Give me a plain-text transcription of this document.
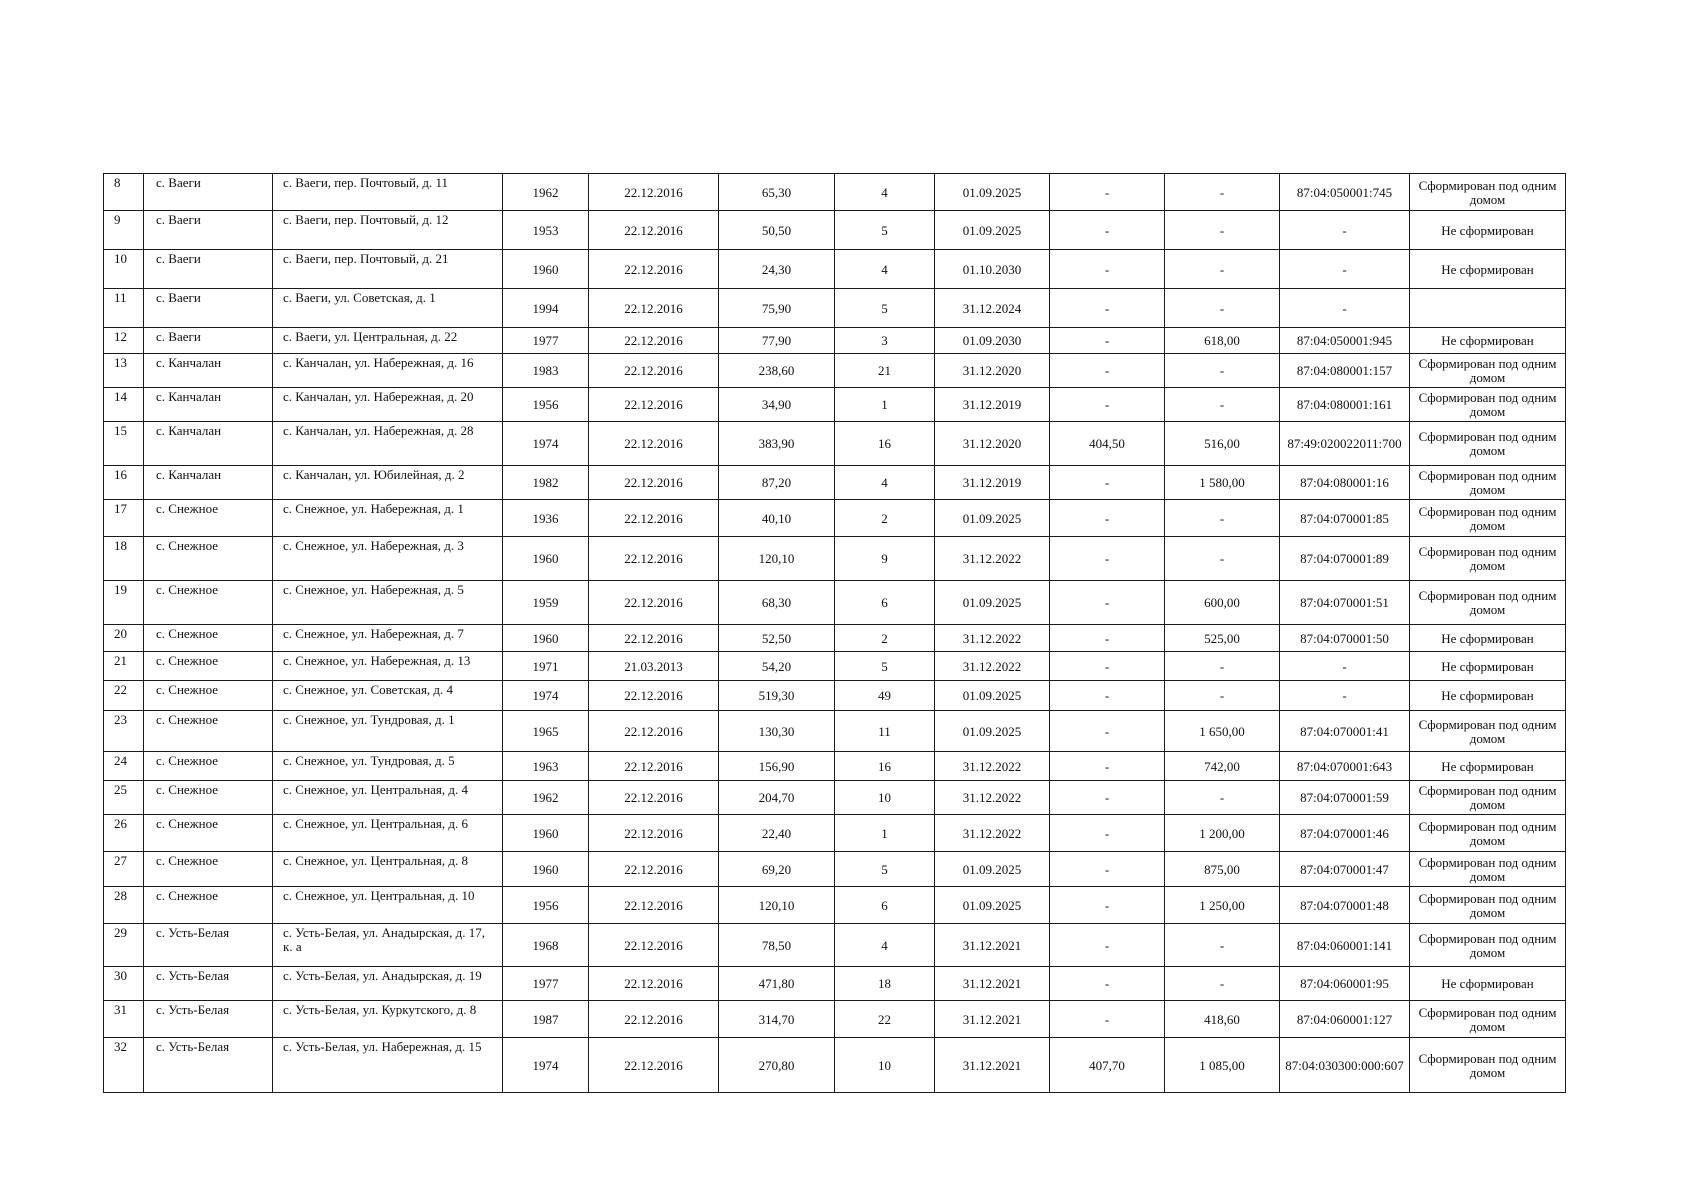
8	с. Ваеги	с. Ваеги, пер. Почтовый, д. 11	1962	22.12.2016	65,30	4	01.09.2025	-	-	87:04:050001:745	Сформирован под одним домом
9	с. Ваеги	с. Ваеги, пер. Почтовый, д. 12	1953	22.12.2016	50,50	5	01.09.2025	-	-	-	Не сформирован
10	с. Ваеги	с. Ваеги, пер. Почтовый, д. 21	1960	22.12.2016	24,30	4	01.10.2030	-	-	-	Не сформирован
11	с. Ваеги	с. Ваеги, ул. Советская, д. 1	1994	22.12.2016	75,90	5	31.12.2024	-	-	-	
12	с. Ваеги	с. Ваеги, ул. Центральная, д. 22	1977	22.12.2016	77,90	3	01.09.2030	-	618,00	87:04:050001:945	Не сформирован
13	с. Канчалан	с. Канчалан, ул. Набережная, д. 16	1983	22.12.2016	238,60	21	31.12.2020	-	-	87:04:080001:157	Сформирован под одним домом
14	с. Канчалан	с. Канчалан, ул. Набережная, д. 20	1956	22.12.2016	34,90	1	31.12.2019	-	-	87:04:080001:161	Сформирован под одним домом
15	с. Канчалан	с. Канчалан, ул. Набережная, д. 28	1974	22.12.2016	383,90	16	31.12.2020	404,50	516,00	87:49:020022011:700	Сформирован под одним домом
16	с. Канчалан	с. Канчалан, ул. Юбилейная, д. 2	1982	22.12.2016	87,20	4	31.12.2019	-	1 580,00	87:04:080001:16	Сформирован под одним домом
17	с. Снежное	с. Снежное, ул. Набережная, д. 1	1936	22.12.2016	40,10	2	01.09.2025	-	-	87:04:070001:85	Сформирован под одним домом
18	с. Снежное	с. Снежное, ул. Набережная, д. 3	1960	22.12.2016	120,10	9	31.12.2022	-	-	87:04:070001:89	Сформирован под одним домом
19	с. Снежное	с. Снежное, ул. Набережная, д. 5	1959	22.12.2016	68,30	6	01.09.2025	-	600,00	87:04:070001:51	Сформирован под одним домом
20	с. Снежное	с. Снежное, ул. Набережная, д. 7	1960	22.12.2016	52,50	2	31.12.2022	-	525,00	87:04:070001:50	Не сформирован
21	с. Снежное	с. Снежное, ул. Набережная, д. 13	1971	21.03.2013	54,20	5	31.12.2022	-	-	-	Не сформирован
22	с. Снежное	с. Снежное, ул. Советская, д. 4	1974	22.12.2016	519,30	49	01.09.2025	-	-	-	Не сформирован
23	с. Снежное	с. Снежное, ул. Тундровая, д. 1	1965	22.12.2016	130,30	11	01.09.2025	-	1 650,00	87:04:070001:41	Сформирован под одним домом
24	с. Снежное	с. Снежное, ул. Тундровая, д. 5	1963	22.12.2016	156,90	16	31.12.2022	-	742,00	87:04:070001:643	Не сформирован
25	с. Снежное	с. Снежное, ул. Центральная, д. 4	1962	22.12.2016	204,70	10	31.12.2022	-	-	87:04:070001:59	Сформирован под одним домом
26	с. Снежное	с. Снежное, ул. Центральная, д. 6	1960	22.12.2016	22,40	1	31.12.2022	-	1 200,00	87:04:070001:46	Сформирован под одним домом
27	с. Снежное	с. Снежное, ул. Центральная, д. 8	1960	22.12.2016	69,20	5	01.09.2025	-	875,00	87:04:070001:47	Сформирован под одним домом
28	с. Снежное	с. Снежное, ул. Центральная, д. 10	1956	22.12.2016	120,10	6	01.09.2025	-	1 250,00	87:04:070001:48	Сформирован под одним домом
29	с. Усть-Белая	с. Усть-Белая, ул. Анадырская, д. 17, к. а	1968	22.12.2016	78,50	4	31.12.2021	-	-	87:04:060001:141	Сформирован под одним домом
30	с. Усть-Белая	с. Усть-Белая, ул. Анадырская, д. 19	1977	22.12.2016	471,80	18	31.12.2021	-	-	87:04:060001:95	Не сформирован
31	с. Усть-Белая	с. Усть-Белая, ул. Куркутского, д. 8	1987	22.12.2016	314,70	22	31.12.2021	-	418,60	87:04:060001:127	Сформирован под одним домом
32	с. Усть-Белая	с. Усть-Белая, ул. Набережная, д. 15	1974	22.12.2016	270,80	10	31.12.2021	407,70	1 085,00	87:04:030300:000:607	Сформирован под одним домом
